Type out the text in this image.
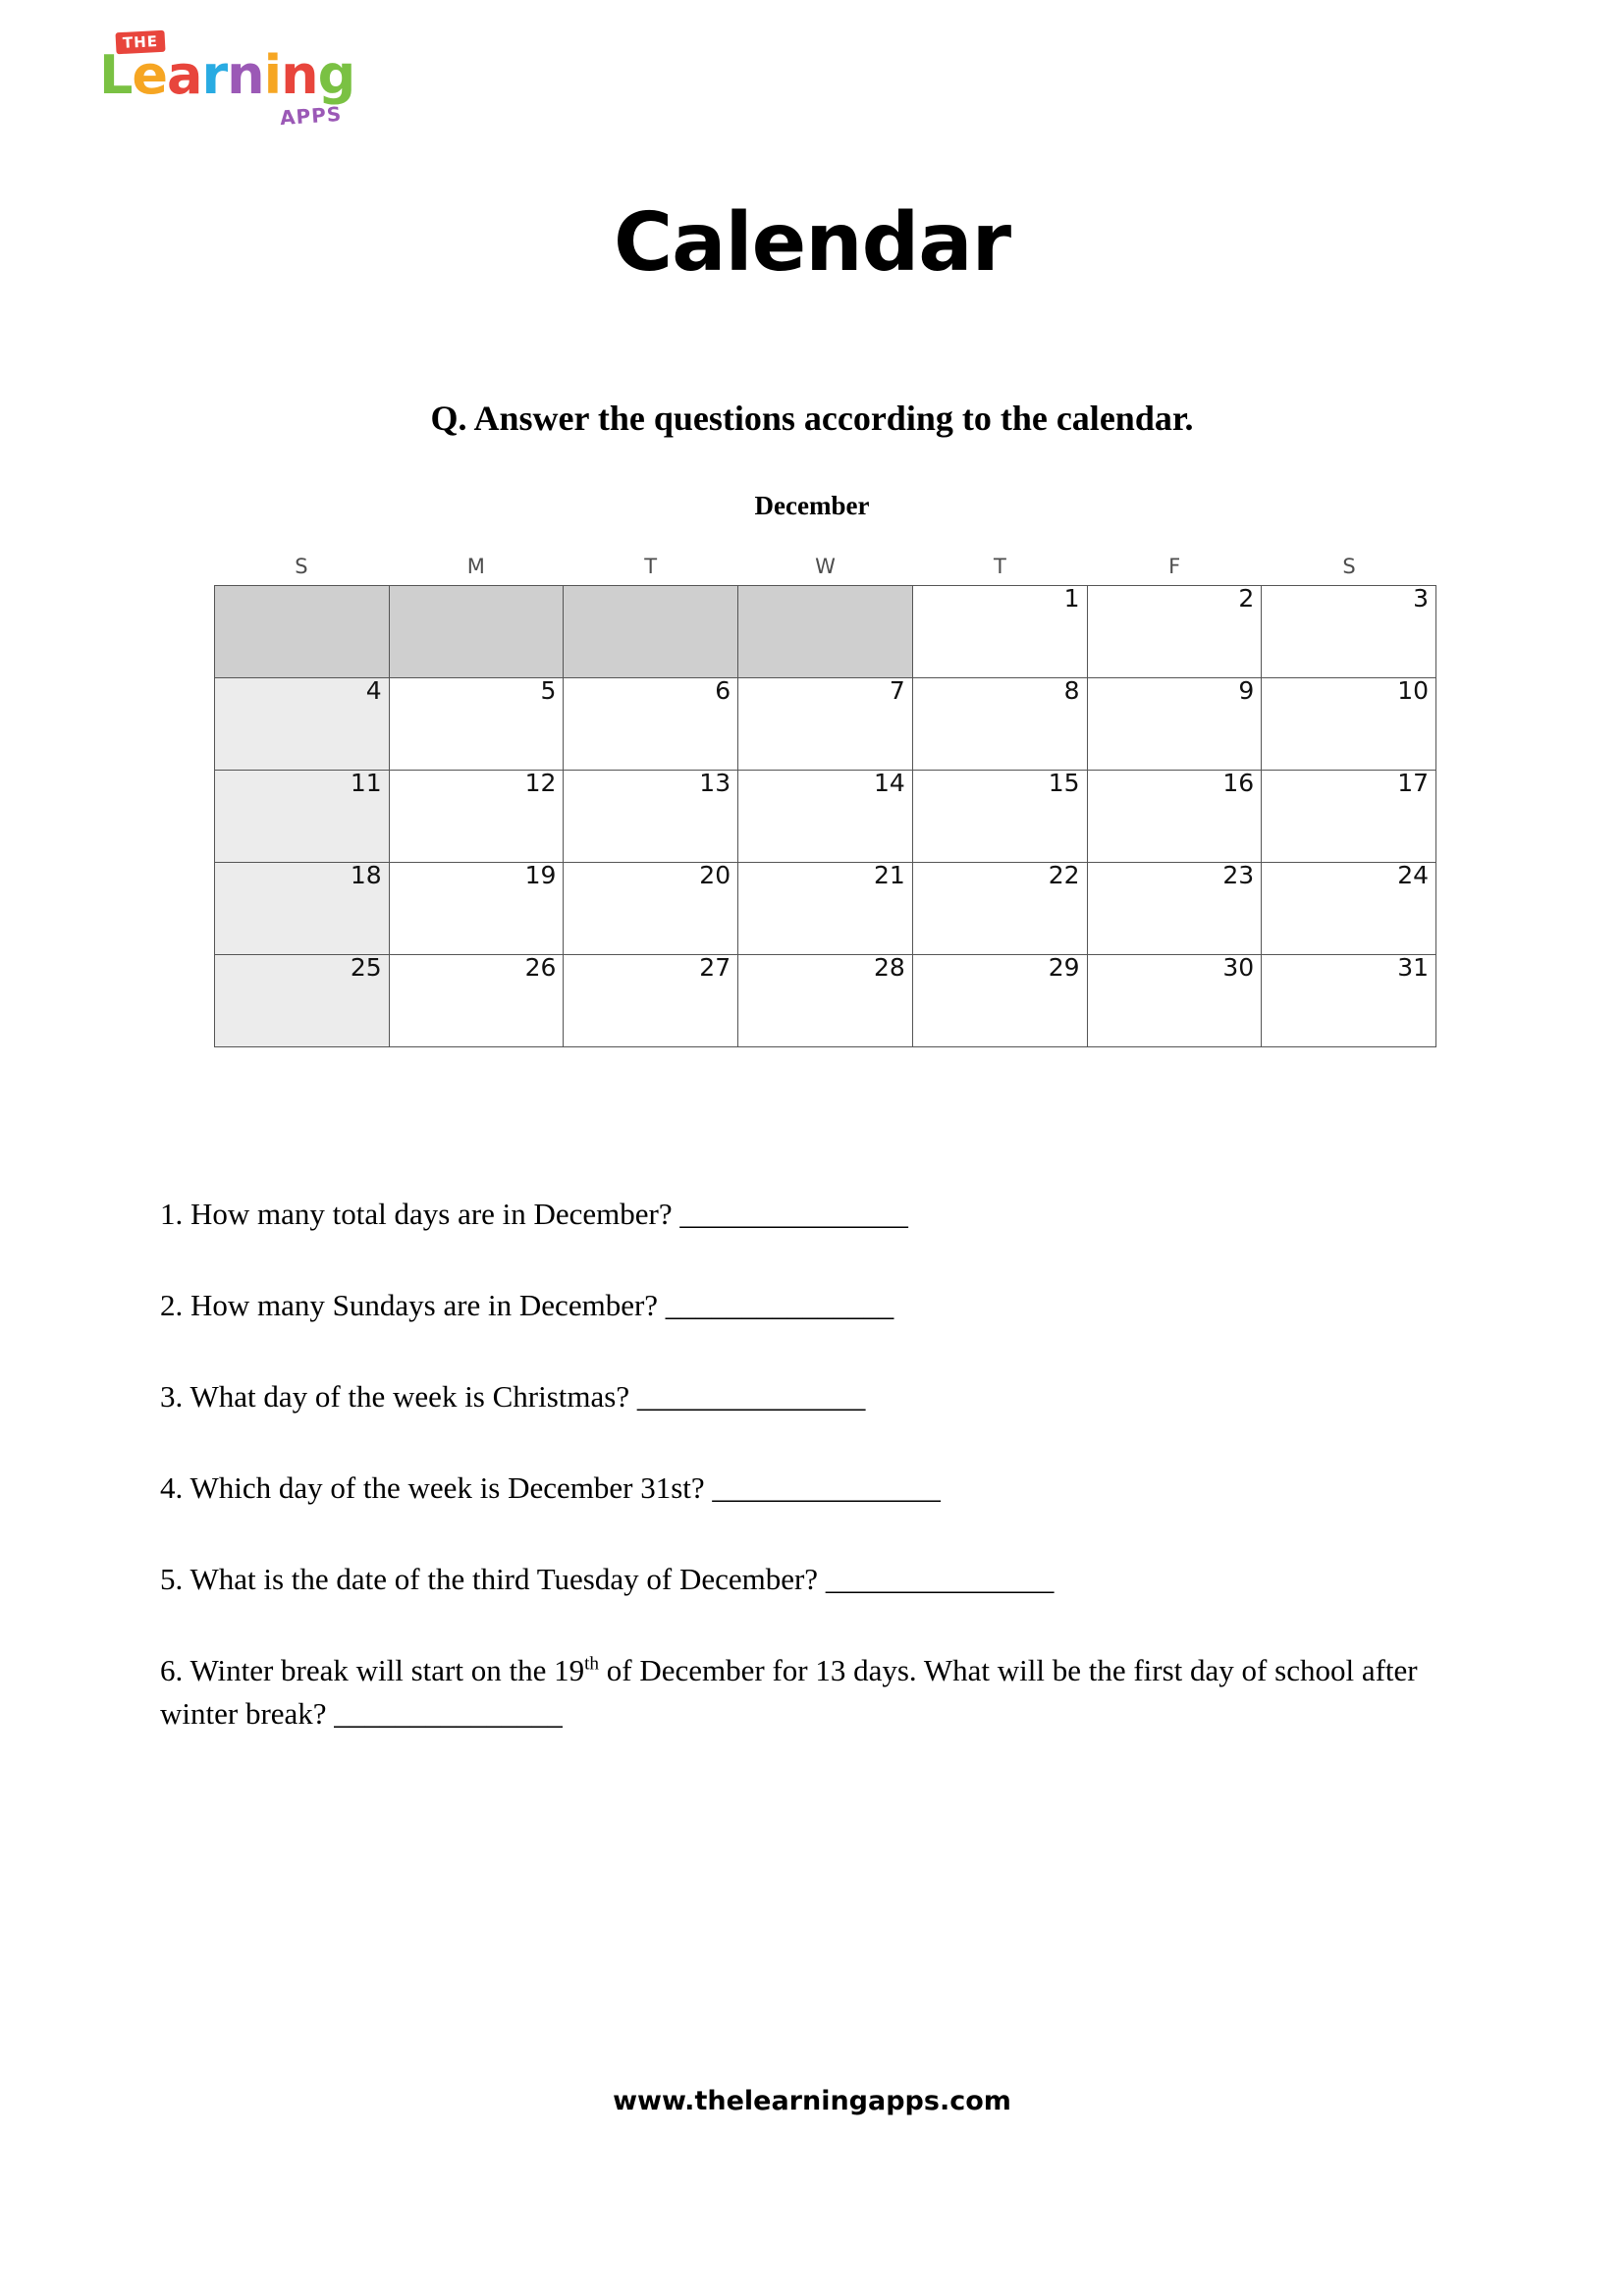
THE
Learning
APPS
Calendar
Q. Answer the questions according to the calendar.
December
S	M	T	W	T	F	S

				1	2	3

4	5	6	7	8	9	10

11	12	13	14	15	16	17

18	19	20	21	22	23	24

25	26	27	28	29	30	31
1. How many total days are in December? _______________
2. How many Sundays are in December? _______________
3. What day of the week is Christmas? _______________
4. Which day of the week is December 31st? _______________
5. What is the date of the third Tuesday of December? _______________
6. Winter break will start on the 19th of December for 13 days. What will be the first day of school after winter break? _______________
www.thelearningapps.com
